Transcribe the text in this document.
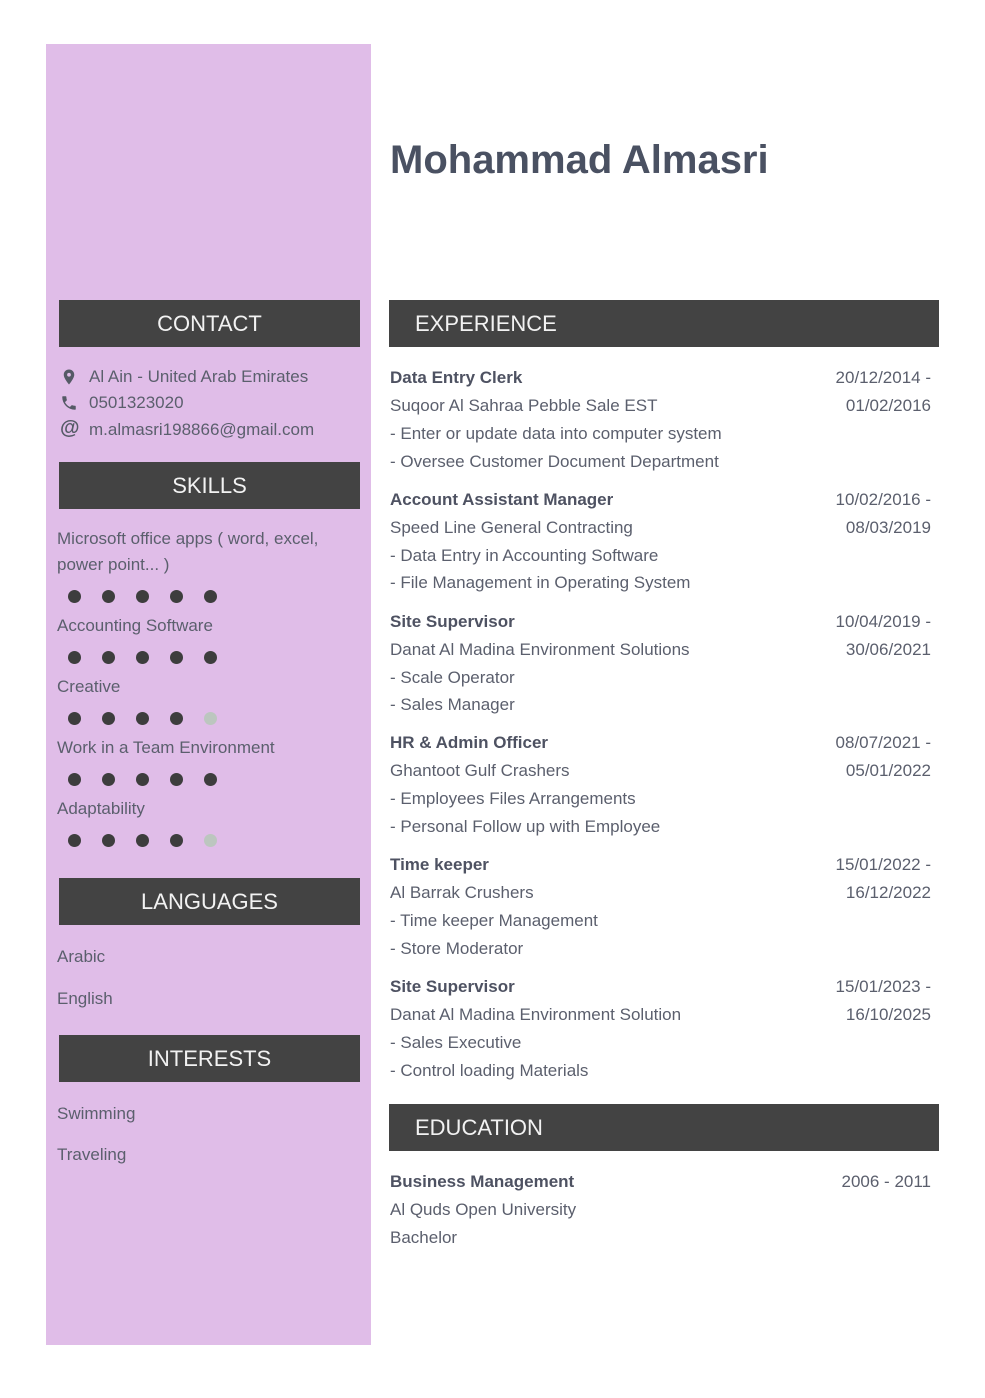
Mohammad Almasri
CONTACT
Al Ain - United Arab Emirates
0501323020
@ m.almasri198866@gmail.com
SKILLS
Microsoft office apps ( word, excel,
power point... )
Accounting Software
Creative
Work in a Team Environment
Adaptability
LANGUAGES
Arabic
English
INTERESTS
Swimming
Traveling
EXPERIENCE
Data Entry Clerk	20/12/2014 -
Suqoor Al Sahraa Pebble Sale EST	01/02/2016
- Enter or update data into computer system
- Oversee Customer Document Department
Account Assistant Manager	10/02/2016 -
Speed Line General Contracting	08/03/2019
- Data Entry in Accounting Software
- File Management in Operating System
Site Supervisor	10/04/2019 -
Danat Al Madina Environment Solutions	30/06/2021
- Scale Operator
- Sales Manager
HR & Admin Officer	08/07/2021 -
Ghantoot Gulf Crashers	05/01/2022
- Employees Files Arrangements
- Personal Follow up with Employee
Time keeper	15/01/2022 -
Al Barrak Crushers	16/12/2022
- Time keeper Management
- Store Moderator
Site Supervisor	15/01/2023 -
Danat Al Madina Environment Solution	16/10/2025
- Sales Executive
- Control loading Materials
EDUCATION
Business Management	2006 - 2011
Al Quds Open University
Bachelor
